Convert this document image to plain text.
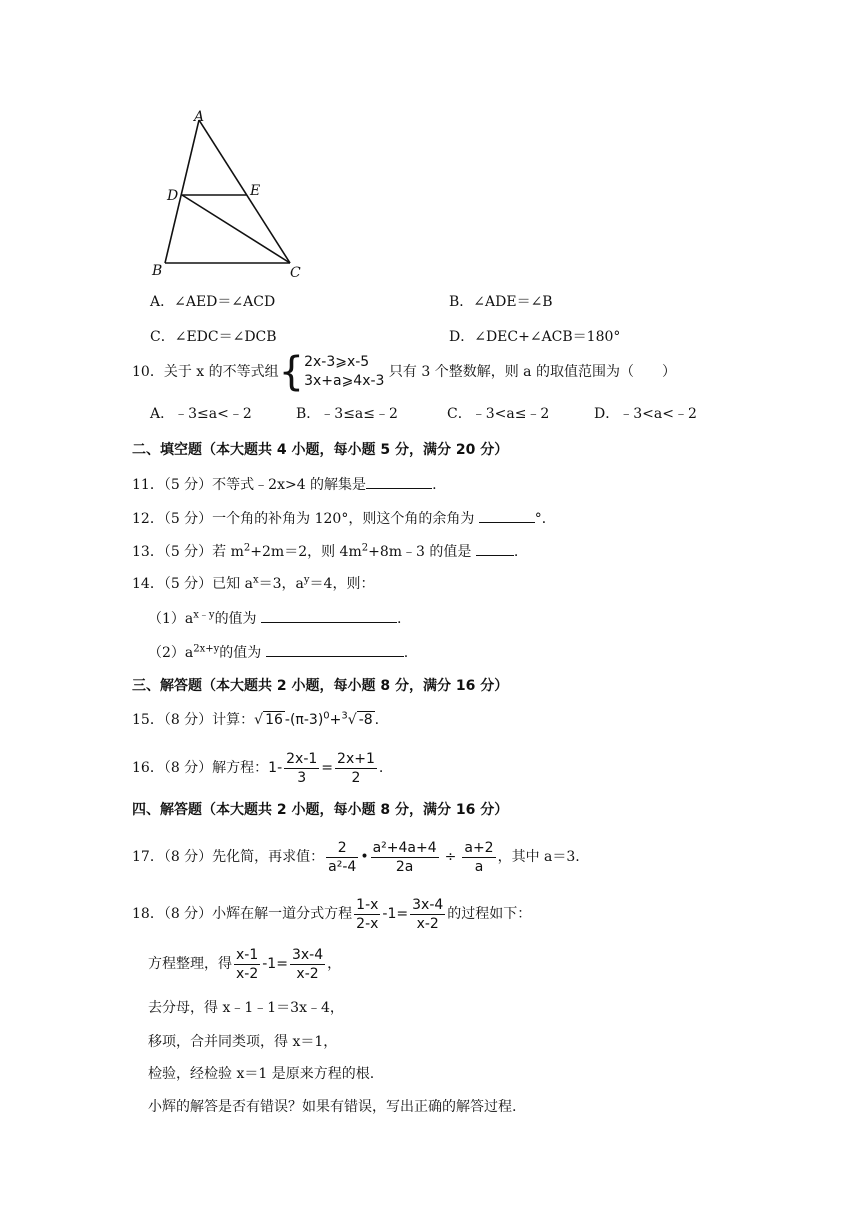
A
D	E
B	C
A．∠AED＝∠ACD	B．∠ADE＝∠B
C．∠EDC＝∠DCB	D．∠DEC+∠ACB＝180°
10．关于 x 的不等式组{ 2x-3⩾x-5
3x+a⩾4x-3
只有 3 个整数解，则 a 的取值范围为（　　）
A．﹣3≤a<﹣2	B．﹣3≤a≤﹣2	C．﹣3<a≤﹣2	D．﹣3<a<﹣2
二、填空题（本大题共 4 小题，每小题 5 分，满分 20 分）
11．（5 分）不等式﹣2x>4 的解集是	.
12．（5 分）一个角的补角为 120°，则这个角的余角为	°．
13．（5 分）若 $m^2+2m=2$，则 $4m^2+8m﹣3$ 的值是	.
14．（5 分）已知 $a^x=3$，$a^y=4$，则：
$(1)a^{x﹣y}$的值为	.
$(2)a^{2x+y}$的值为	.
三、解答题（本大题共 2 小题，每小题 8 分，满分 16 分）
15．（8 分）计算：√ 16 $-(\pi-3)^0+^3√$ -8 .
16．（8 分）解方程：$1- \frac{2x-1}{3} = \frac{2x+1}{2}$ .
四、解答题（本大题共 2 小题，每小题 8 分，满分 16 分）
17．（8 分）先化简，再求值： $\frac{2}{\text{a²-4}}$ • $\frac{\text{a²+4a+4}}{2a} \div \frac{a+2}{a}$ ，其中 a＝3.
18．（8 分）小辉在解一道分式方程 $\frac{1-x}{2-x} -1= \frac{3x-4}{x-2}$ 的过程如下：
方程整理，得 $\frac{x-1}{x-2} -1= \frac{3x-4}{x-2}$ ，
去分母，得 x﹣1﹣1＝3x﹣4，
移项，合并同类项，得 x＝1，
检验，经检验 x＝1 是原来方程的根.
小辉的解答是否有错误？如果有错误，写出正确的解答过程.
